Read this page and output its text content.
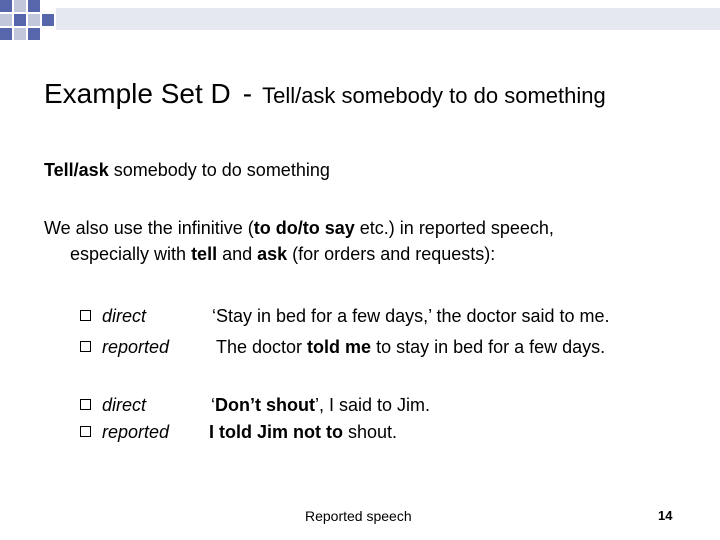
Example Set D - Tell/ask somebody to do something
Tell/ask somebody to do something
We also use the infinitive (to do/to say etc.) in reported speech,
especially with tell and ask (for orders and requests):
direct	‘Stay in bed for a few days,’ the doctor said to me.
reported	The doctor told me to stay in bed for a few days.
direct	‘Don’t shout’, I said to Jim.
reported I told Jim not to shout.
Reported speech	14
